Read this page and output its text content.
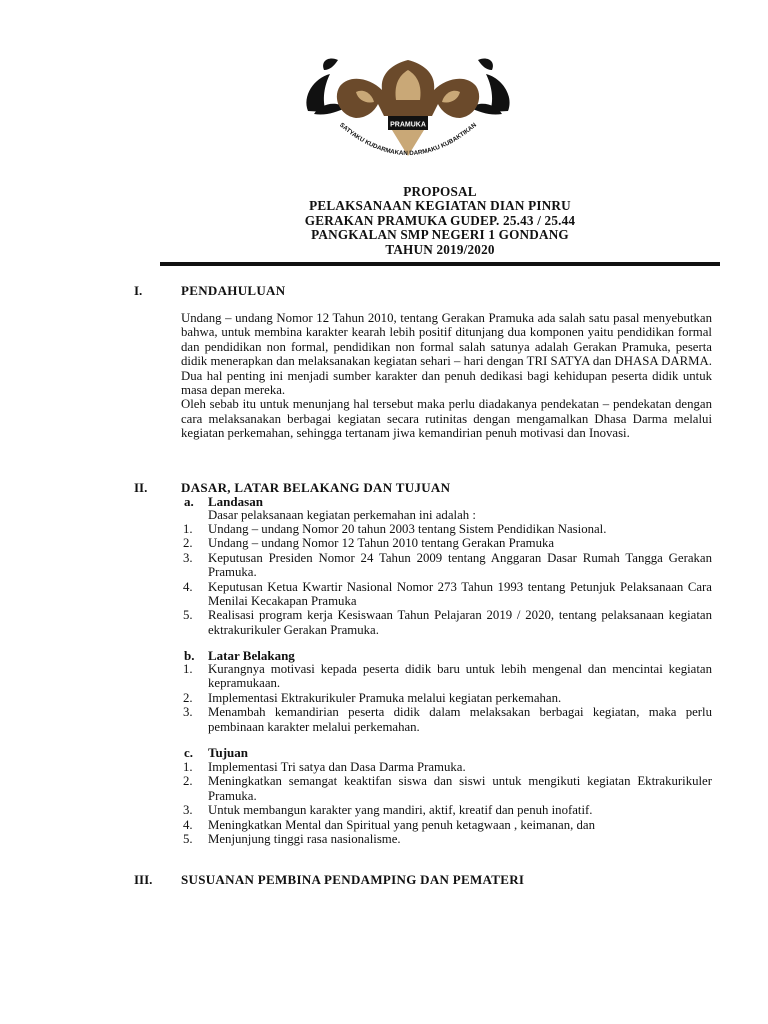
PRAMUKA
SATYAKU KUDARMAKAN DARMAKU KUBAKTIKAN
PROPOSAL
PELAKSANAAN KEGIATAN DIAN PINRU
GERAKAN PRAMUKA GUDEP. 25.43 / 25.44
PANGKALAN SMP NEGERI 1 GONDANG
TAHUN 2019/2020
I.	PENDAHULUAN

Undang – undang Nomor 12 Tahun 2010, tentang Gerakan Pramuka ada salah satu pasal menyebutkan bahwa, untuk membina karakter kearah lebih positif ditunjang dua komponen yaitu pendidikan formal dan pendidikan non formal, pendidikan non formal salah satunya adalah Gerakan Pramuka, peserta didik menerapkan dan melaksanakan kegiatan sehari – hari dengan TRI SATYA dan DHASA DARMA. Dua hal penting ini menjadi sumber karakter dan penuh dedikasi bagi kehidupan peserta didik untuk masa depan mereka.

Oleh sebab itu untuk menunjang hal tersebut maka perlu diadakanya pendekatan – pendekatan dengan cara melaksanakan berbagai kegiatan secara rutinitas dengan mengamalkan Dhasa Darma melalui kegiatan perkemahan, sehingga tertanam jiwa kemandirian penuh motivasi dan Inovasi.

II.	DASAR, LATAR BELAKANG DAN TUJUAN
a. Landasan
Dasar pelaksanaan kegiatan perkemahan ini adalah :
1. Undang – undang Nomor 20 tahun 2003 tentang Sistem Pendidikan Nasional.
2. Undang – undang Nomor 12 Tahun 2010 tentang Gerakan Pramuka
3. Keputusan Presiden Nomor 24 Tahun 2009 tentang Anggaran Dasar Rumah Tangga Gerakan Pramuka.
4. Keputusan Ketua Kwartir Nasional Nomor 273 Tahun 1993 tentang Petunjuk Pelaksanaan Cara Menilai Kecakapan Pramuka
5. Realisasi program kerja Kesiswaan Tahun Pelajaran 2019 / 2020, tentang pelaksanaan kegiatan ektrakurikuler Gerakan Pramuka.
b. Latar Belakang
1. Kurangnya motivasi kepada peserta didik baru untuk lebih mengenal dan mencintai kegiatan kepramukaan.
2. Implementasi Ektrakurikuler Pramuka melalui kegiatan perkemahan.
3. Menambah kemandirian peserta didik dalam melaksakan berbagai kegiatan, maka perlu pembinaan karakter melalui perkemahan.
c. Tujuan
1. Implementasi Tri satya dan Dasa Darma Pramuka.
2. Meningkatkan semangat keaktifan siswa dan siswi untuk mengikuti kegiatan Ektrakurikuler Pramuka.
3. Untuk membangun karakter yang mandiri, aktif, kreatif dan penuh inofatif.
4. Meningkatkan Mental dan Spiritual yang penuh ketagwaan , keimanan, dan
5. Menjunjung tinggi rasa nasionalisme.
III. SUSUANAN PEMBINA PENDAMPING DAN PEMATERI
